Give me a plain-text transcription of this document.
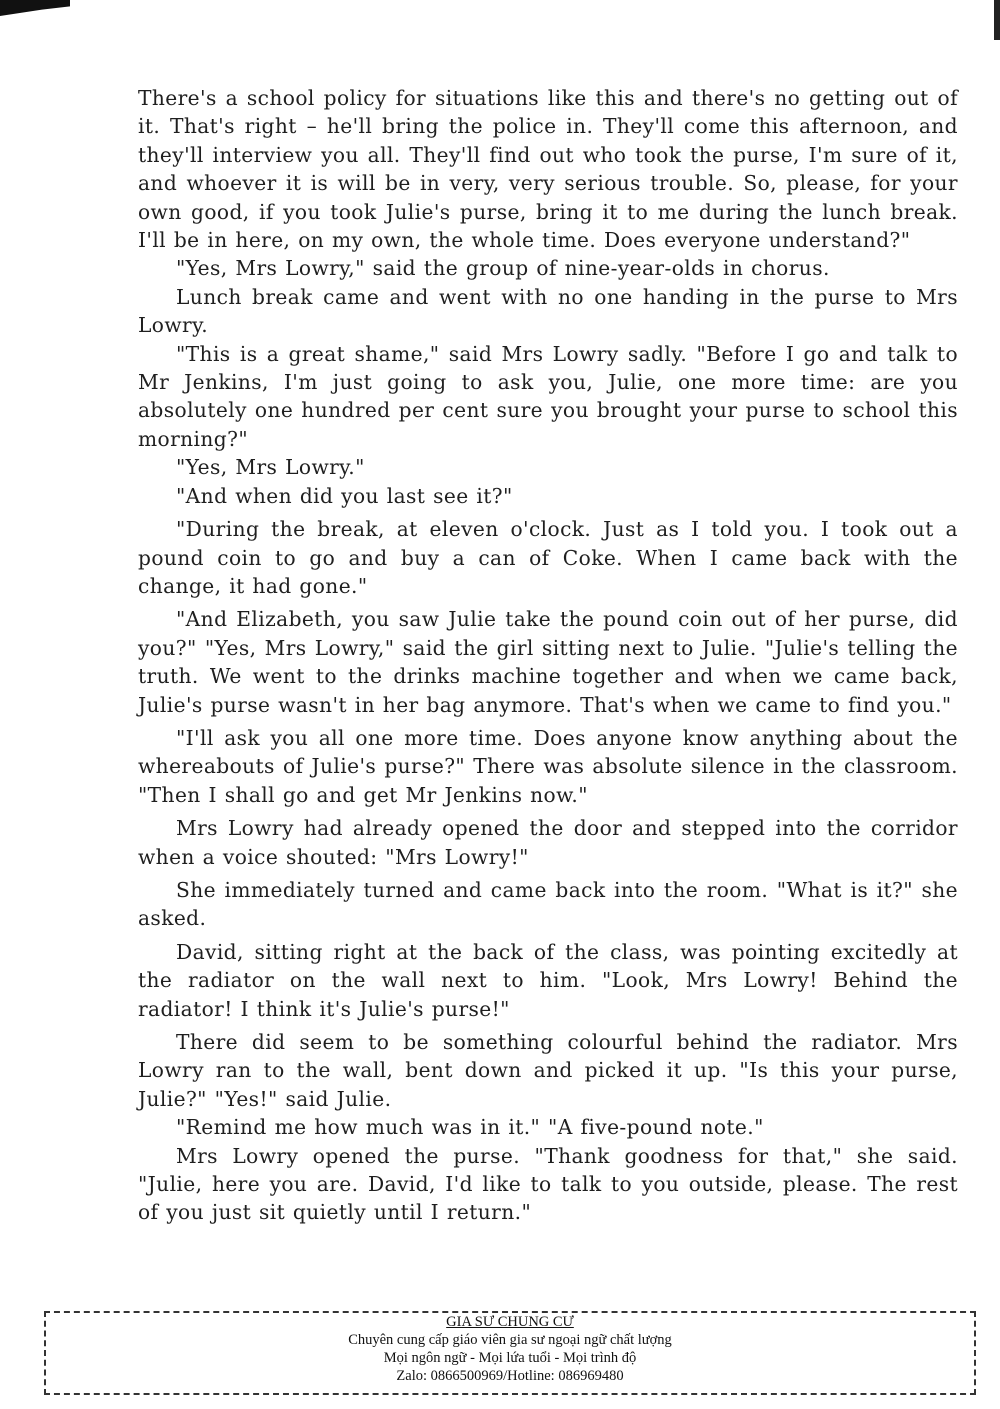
There's a school policy for situations like this and there's no getting out of it. That's right – he'll bring the police in. They'll come this afternoon, and they'll interview you all. They'll find out who took the purse, I'm sure of it, and whoever it is will be in very, very serious trouble. So, please, for your own good, if you took Julie's purse, bring it to me during the lunch break. I'll be in here, on my own, the whole time. Does everyone understand?"

"Yes, Mrs Lowry," said the group of nine-year-olds in chorus.

Lunch break came and went with no one handing in the purse to Mrs Lowry.

"This is a great shame," said Mrs Lowry sadly. "Before I go and talk to Mr Jenkins, I'm just going to ask you, Julie, one more time: are you absolutely one hundred per cent sure you brought your purse to school this morning?"

"Yes, Mrs Lowry."

"And when did you last see it?"

"During the break, at eleven o'clock. Just as I told you. I took out a pound coin to go and buy a can of Coke. When I came back with the change, it had gone."

"And Elizabeth, you saw Julie take the pound coin out of her purse, did you?" "Yes, Mrs Lowry," said the girl sitting next to Julie. "Julie's telling the truth. We went to the drinks machine together and when we came back, Julie's purse wasn't in her bag anymore. That's when we came to find you."

"I'll ask you all one more time. Does anyone know anything about the whereabouts of Julie's purse?" There was absolute silence in the classroom. "Then I shall go and get Mr Jenkins now."

Mrs Lowry had already opened the door and stepped into the corridor when a voice shouted: "Mrs Lowry!"

She immediately turned and came back into the room. "What is it?" she asked.

David, sitting right at the back of the class, was pointing excitedly at the radiator on the wall next to him. "Look, Mrs Lowry! Behind the radiator! I think it's Julie's purse!"

There did seem to be something colourful behind the radiator. Mrs Lowry ran to the wall, bent down and picked it up. "Is this your purse, Julie?" "Yes!" said Julie.

"Remind me how much was in it." "A five-pound note."

Mrs Lowry opened the purse. "Thank goodness for that," she said. "Julie, here you are. David, I'd like to talk to you outside, please. The rest of you just sit quietly until I return."

GIA SƯ CHUNG CƯ
Chuyên cung cấp giáo viên gia sư ngoại ngữ chất lượng
Mọi ngôn ngữ - Mọi lứa tuổi - Mọi trình độ
Zalo: 0866500969/Hotline: 086969480
